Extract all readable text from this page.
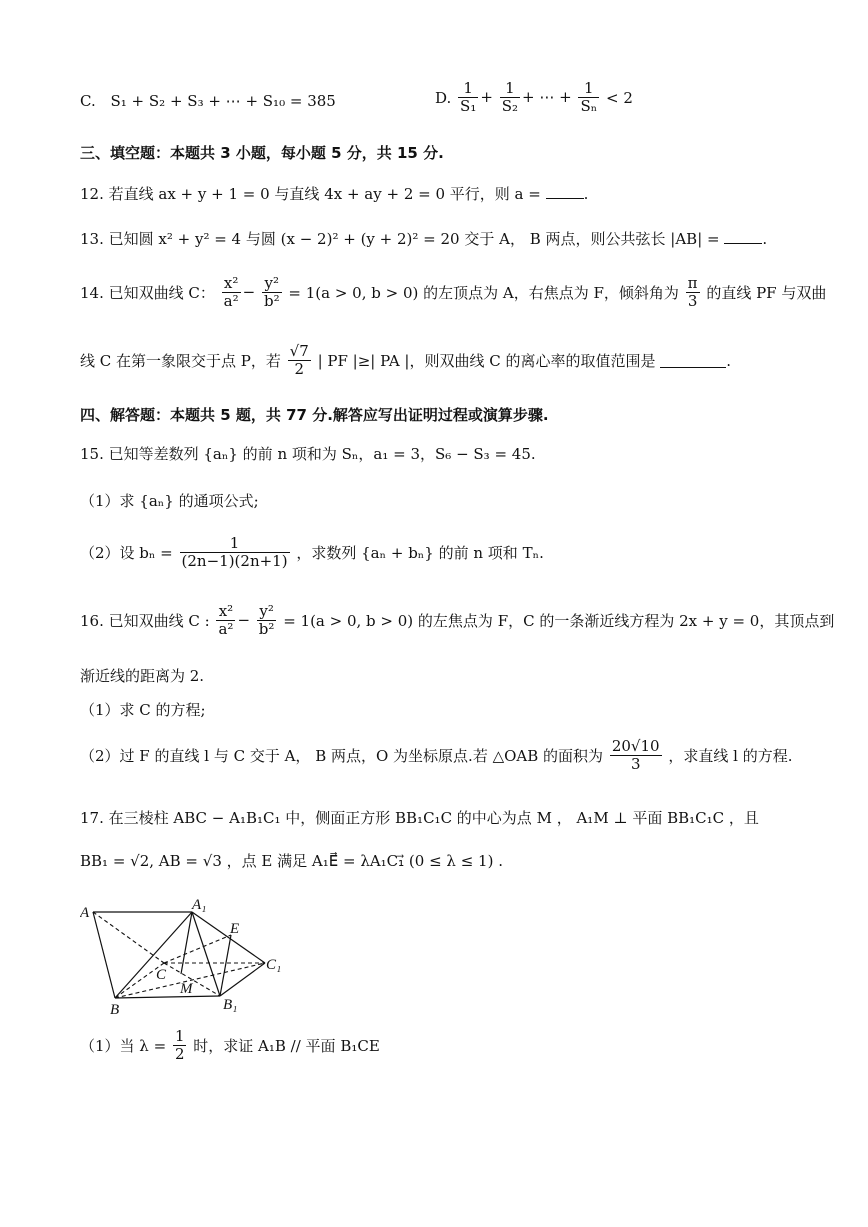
C. S₁ + S₂ + S₃ + ⋯ + S₁₀ = 385	D. $\frac{1}{\text{S₁}} + \frac{1}{\text{S₂}}$ + ⋯ + $\frac{1}{\text{Sₙ}} < 2$
三、填空题：本题共 3 小题，每小题 5 分，共 15 分.
12. 若直线 ax + y + 1 = 0 与直线 4x + ay + 2 = 0 平行，则 a =	.
13. 已知圆 x² + y² = 4 与圆 (x − 2)² + (y + 2)² = 20 交于 A， B 两点，则公共弦长 |AB| =	.
14. 已知双曲线 C： $\frac{\text{x²}}{\text{a²}} - \frac{\text{y²}}{\text{b²}} = 1(a > 0$, b > 0) 的左顶点为 A，右焦点为 F，倾斜角为 $\frac{\pi}{3}$ 的直线 PF 与双曲
线 C 在第一象限交于点 P，若 $\frac{√7}{2}$ | PF |≥| PA |，则双曲线 C 的离心率的取值范围是	.
四、解答题：本题共 5 题，共 77 分.解答应写出证明过程或演算步骤.
15. 已知等差数列 {aₙ} 的前 n 项和为 Sₙ，a₁ = 3，S₆ − S₃ = 45.
（1）求 {aₙ} 的通项公式;
（2）设 $b_n = \frac{1}{(2n-1)(2n+1)}$ ，求数列 {aₙ + bₙ} 的前 n 项和 Tₙ.
16. 已知双曲线 C : $\frac{\text{x²}}{\text{a²}} - \frac{\text{y²}}{\text{b²}} = 1(a > 0$, b > 0) 的左焦点为 F，C 的一条渐近线方程为 2x + y = 0，其顶点到
渐近线的距离为 2.
（1）求 C 的方程;
（2）过 F 的直线 l 与 C 交于 A， B 两点，O 为坐标原点.若 △OAB 的面积为 $\frac{20√10}{3}$ ，求直线 l 的方程.
17. 在三棱柱 ABC − A₁B₁C₁ 中，侧面正方形 BB₁C₁C 的中心为点 M ， A₁M ⊥ 平面 BB₁C₁C ，且
BB₁ = √2, AB = √3 ，点 E 满足 A₁E⃗ = λA₁C₁⃗ (0 ≤ λ ≤ 1) .
A	A₁
E
C₁
C
M
B	B₁
（1）当 $\lambda = \frac{1}{2}$ 时，求证 A₁B // 平面 B₁CE
